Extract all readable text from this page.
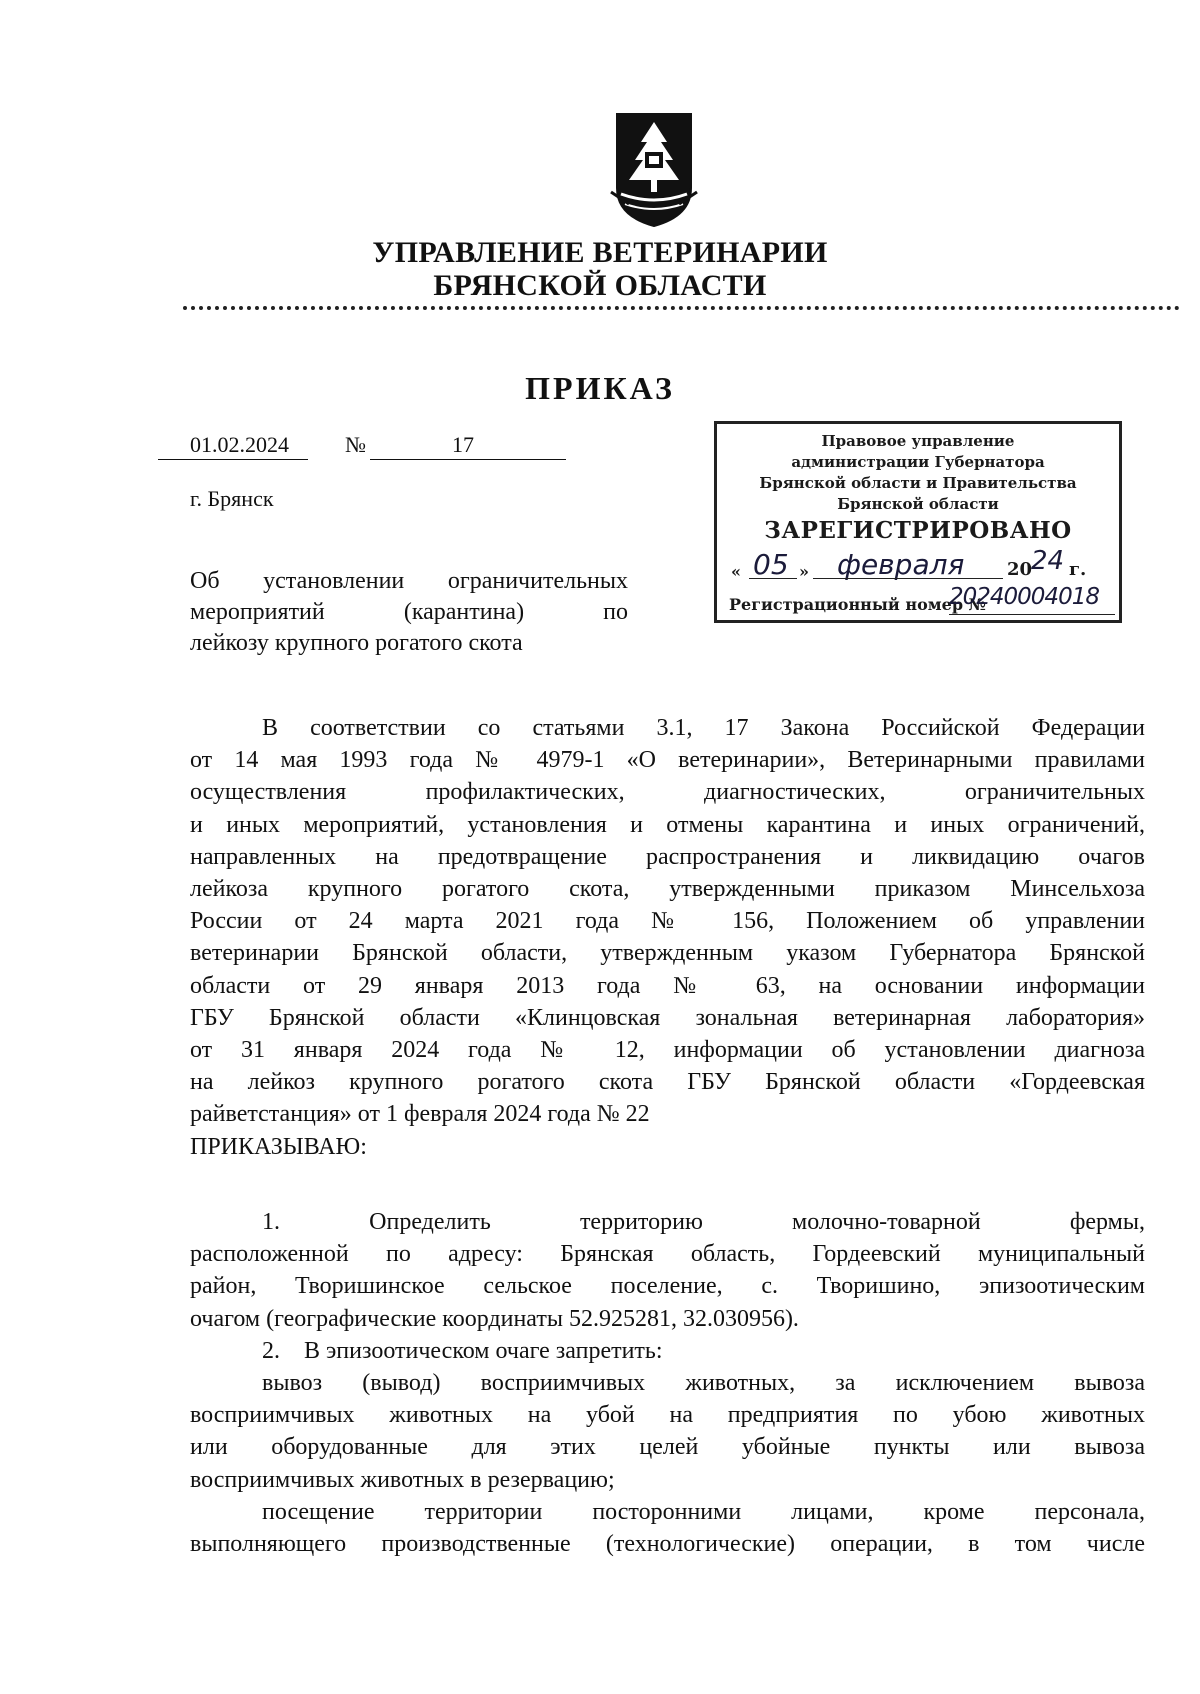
УПРАВЛЕНИЕ ВЕТЕРИНАРИИ
БРЯНСКОЙ ОБЛАСТИ
ПРИКАЗ
01.02.2024	№	17
г. Брянск
Об установлении ограничительных
мероприятий (карантина) по
лейкозу крупного рогатого скота
Правовое управление
администрации Губернатора
Брянской области и Правительства
Брянской области
ЗАРЕГИСТРИРОВАНО
« 05 » февраля 20
24 г.
Регистрационный номер №
20240004018
В соответствии со статьями 3.1, 17 Закона Российской Федерации
от 14 мая 1993 года № 4979-1 «О ветеринарии», Ветеринарными правилами
осуществления профилактических, диагностических, ограничительных
и иных мероприятий, установления и отмены карантина и иных ограничений,
направленных на предотвращение распространения и ликвидацию очагов
лейкоза крупного рогатого скота, утвержденными приказом Минсельхоза
России от 24 марта 2021 года № 156, Положением об управлении
ветеринарии Брянской области, утвержденным указом Губернатора Брянской
области от 29 января 2013 года № 63, на основании информации
ГБУ Брянской области «Клинцовская зональная ветеринарная лаборатория»
от 31 января 2024 года № 12, информации об установлении диагноза
на лейкоз крупного рогатого скота ГБУ Брянской области «Гордеевская
райветстанция» от 1 февраля 2024 года № 22
ПРИКАЗЫВАЮ:
1. Определить территорию молочно-товарной фермы,
расположенной по адресу: Брянская область, Гордеевский муниципальный
район, Творишинское сельское поселение, с. Творишино, эпизоотическим
очагом (географические координаты 52.925281, 32.030956).
2.    В эпизоотическом очаге запретить:
вывоз (вывод) восприимчивых животных, за исключением вывоза
восприимчивых животных на убой на предприятия по убою животных
или оборудованные для этих целей убойные пункты или вывоза
восприимчивых животных в резервацию;
посещение территории посторонними лицами, кроме персонала,
выполняющего производственные (технологические) операции, в том числе
